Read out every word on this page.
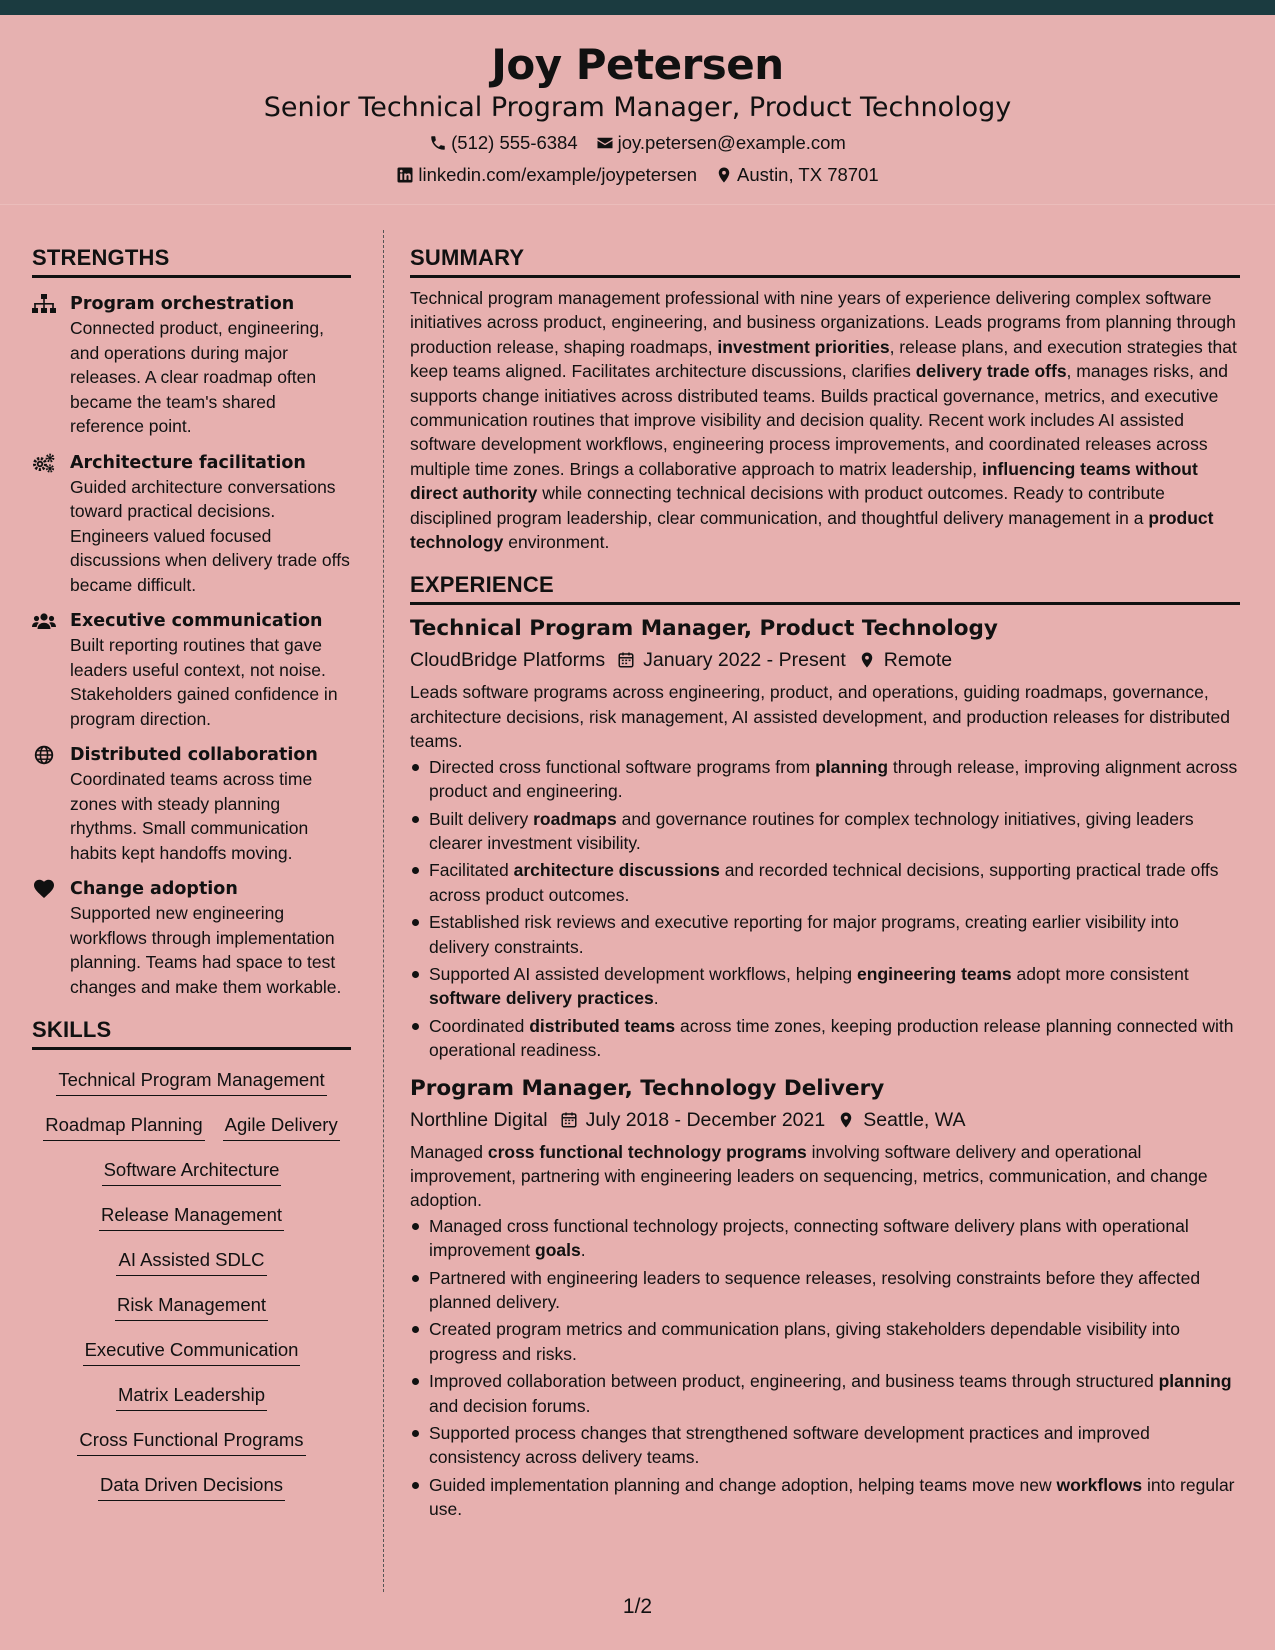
Joy Petersen
Senior Technical Program Manager, Product Technology
(512) 555-6384 joy.petersen@example.com
linkedin.com/example/joypetersen Austin, TX 78701
STRENGTHS
Program orchestration
Connected product, engineering, and operations during major releases. A clear roadmap often became the team's shared reference point.
Architecture facilitation
Guided architecture conversations toward practical decisions. Engineers valued focused discussions when delivery trade offs became difficult.
Executive communication
Built reporting routines that gave leaders useful context, not noise. Stakeholders gained confidence in program direction.
Distributed collaboration
Coordinated teams across time zones with steady planning rhythms. Small communication habits kept handoffs moving.
Change adoption
Supported new engineering workflows through implementation planning. Teams had space to test changes and make them workable.
SKILLS
Technical Program Management
Roadmap Planning Agile Delivery
Software Architecture
Release Management
AI Assisted SDLC
Risk Management
Executive Communication
Matrix Leadership
Cross Functional Programs
Data Driven Decisions
SUMMARY

Technical program management professional with nine years of experience delivering complex software initiatives across product, engineering, and business organizations. Leads programs from planning through production release, shaping roadmaps, investment priorities, release plans, and execution strategies that keep teams aligned. Facilitates architecture discussions, clarifies delivery trade offs, manages risks, and supports change initiatives across distributed teams. Builds practical governance, metrics, and executive communication routines that improve visibility and decision quality. Recent work includes AI assisted software development workflows, engineering process improvements, and coordinated releases across multiple time zones. Brings a collaborative approach to matrix leadership, influencing teams without direct authority while connecting technical decisions with product outcomes. Ready to contribute disciplined program leadership, clear communication, and thoughtful delivery management in a product technology environment.

EXPERIENCE
Technical Program Manager, Product Technology
CloudBridge Platforms January 2022 - Present Remote

Leads software programs across engineering, product, and operations, guiding roadmaps, governance, architecture decisions, risk management, AI assisted development, and production releases for distributed teams.

Directed cross functional software programs from planning through release, improving alignment across product and engineering.
Built delivery roadmaps and governance routines for complex technology initiatives, giving leaders clearer investment visibility.
Facilitated architecture discussions and recorded technical decisions, supporting practical trade offs across product outcomes.
Established risk reviews and executive reporting for major programs, creating earlier visibility into delivery constraints.
Supported AI assisted development workflows, helping engineering teams adopt more consistent software delivery practices.
Coordinated distributed teams across time zones, keeping production release planning connected with operational readiness.
Program Manager, Technology Delivery
Northline Digital July 2018 - December 2021 Seattle, WA

Managed cross functional technology programs involving software delivery and operational improvement, partnering with engineering leaders on sequencing, metrics, communication, and change adoption.

Managed cross functional technology projects, connecting software delivery plans with operational improvement goals.
Partnered with engineering leaders to sequence releases, resolving constraints before they affected planned delivery.
Created program metrics and communication plans, giving stakeholders dependable visibility into progress and risks.
Improved collaboration between product, engineering, and business teams through structured planning and decision forums.
Supported process changes that strengthened software development practices and improved consistency across delivery teams.
Guided implementation planning and change adoption, helping teams move new workflows into regular use.
1/2
